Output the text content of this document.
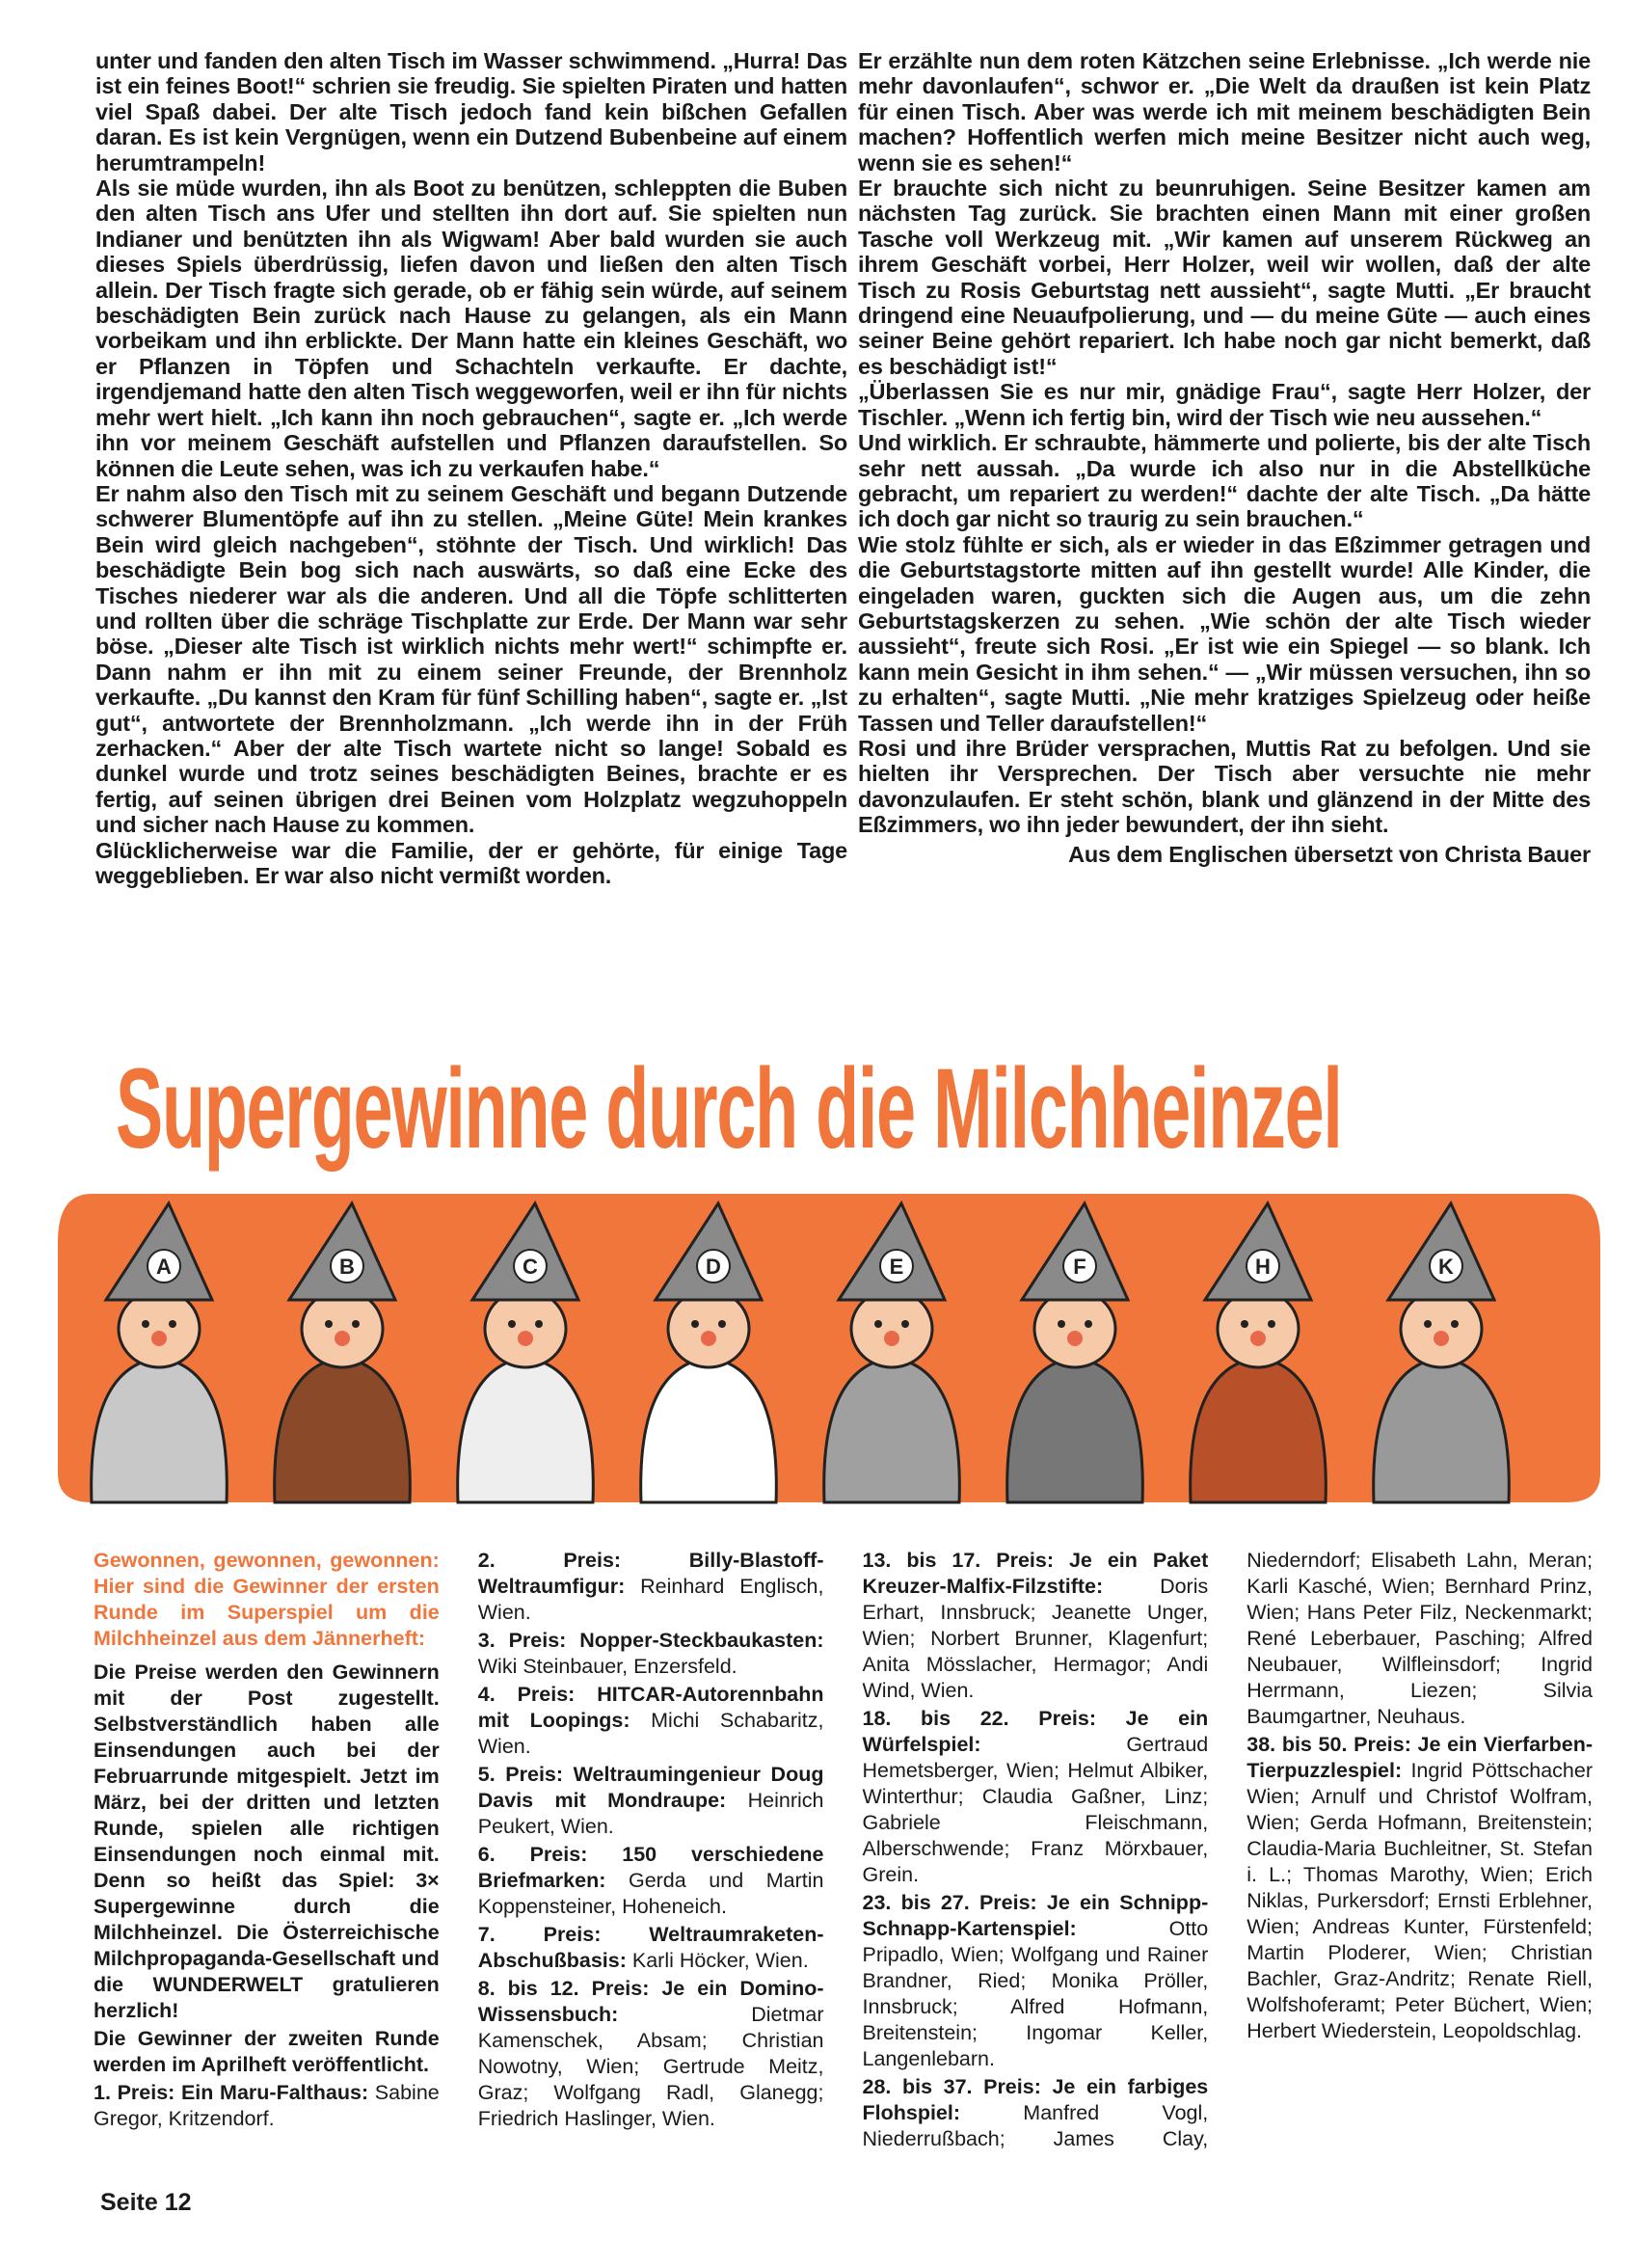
unter und fanden den alten Tisch im Wasser schwimmend. „Hurra! Das ist ein feines Boot!“ schrien sie freudig. Sie spielten Piraten und hatten viel Spaß dabei. Der alte Tisch jedoch fand kein bißchen Gefallen daran. Es ist kein Vergnügen, wenn ein Dutzend Bubenbeine auf einem herumtrampeln!

Als sie müde wurden, ihn als Boot zu benützen, schleppten die Buben den alten Tisch ans Ufer und stellten ihn dort auf. Sie spielten nun Indianer und benützten ihn als Wigwam! Aber bald wurden sie auch dieses Spiels überdrüssig, liefen davon und ließen den alten Tisch allein. Der Tisch fragte sich gerade, ob er fähig sein würde, auf seinem beschädigten Bein zurück nach Hause zu gelangen, als ein Mann vorbeikam und ihn erblickte. Der Mann hatte ein kleines Geschäft, wo er Pflanzen in Töpfen und Schachteln verkaufte. Er dachte, irgendjemand hatte den alten Tisch weggeworfen, weil er ihn für nichts mehr wert hielt. „Ich kann ihn noch gebrauchen“, sagte er. „Ich werde ihn vor meinem Geschäft aufstellen und Pflanzen daraufstellen. So können die Leute sehen, was ich zu verkaufen habe.“

Er nahm also den Tisch mit zu seinem Geschäft und begann Dutzende schwerer Blumentöpfe auf ihn zu stellen. „Meine Güte! Mein krankes Bein wird gleich nachgeben“, stöhnte der Tisch. Und wirklich! Das beschädigte Bein bog sich nach auswärts, so daß eine Ecke des Tisches niederer war als die anderen. Und all die Töpfe schlitterten und rollten über die schräge Tischplatte zur Erde. Der Mann war sehr böse. „Dieser alte Tisch ist wirklich nichts mehr wert!“ schimpfte er. Dann nahm er ihn mit zu einem seiner Freunde, der Brennholz verkaufte. „Du kannst den Kram für fünf Schilling haben“, sagte er. „Ist gut“, antwortete der Brennholzmann. „Ich werde ihn in der Früh zerhacken.“ Aber der alte Tisch wartete nicht so lange! Sobald es dunkel wurde und trotz seines beschädigten Beines, brachte er es fertig, auf seinen übrigen drei Beinen vom Holzplatz wegzuhoppeln und sicher nach Hause zu kommen.

Glücklicherweise war die Familie, der er gehörte, für einige Tage weggeblieben. Er war also nicht vermißt worden.

Er erzählte nun dem roten Kätzchen seine Erlebnisse. „Ich werde nie mehr davonlaufen“, schwor er. „Die Welt da draußen ist kein Platz für einen Tisch. Aber was werde ich mit meinem beschädigten Bein machen? Hoffentlich werfen mich meine Besitzer nicht auch weg, wenn sie es sehen!“

Er brauchte sich nicht zu beunruhigen. Seine Besitzer kamen am nächsten Tag zurück. Sie brachten einen Mann mit einer großen Tasche voll Werkzeug mit. „Wir kamen auf unserem Rückweg an ihrem Geschäft vorbei, Herr Holzer, weil wir wollen, daß der alte Tisch zu Rosis Geburtstag nett aussieht“, sagte Mutti. „Er braucht dringend eine Neuaufpolierung, und — du meine Güte — auch eines seiner Beine gehört repariert. Ich habe noch gar nicht bemerkt, daß es beschädigt ist!“

„Überlassen Sie es nur mir, gnädige Frau“, sagte Herr Holzer, der Tischler. „Wenn ich fertig bin, wird der Tisch wie neu aussehen.“

Und wirklich. Er schraubte, hämmerte und polierte, bis der alte Tisch sehr nett aussah. „Da wurde ich also nur in die Abstellküche gebracht, um repariert zu werden!“ dachte der alte Tisch. „Da hätte ich doch gar nicht so traurig zu sein brauchen.“

Wie stolz fühlte er sich, als er wieder in das Eßzimmer getragen und die Geburtstagstorte mitten auf ihn gestellt wurde! Alle Kinder, die eingeladen waren, guckten sich die Augen aus, um die zehn Geburtstagskerzen zu sehen. „Wie schön der alte Tisch wieder aussieht“, freute sich Rosi. „Er ist wie ein Spiegel — so blank. Ich kann mein Gesicht in ihm sehen.“ — „Wir müssen versuchen, ihn so zu erhalten“, sagte Mutti. „Nie mehr kratziges Spielzeug oder heiße Tassen und Teller daraufstellen!“

Rosi und ihre Brüder versprachen, Muttis Rat zu befolgen. Und sie hielten ihr Versprechen. Der Tisch aber versuchte nie mehr davonzulaufen. Er steht schön, blank und glänzend in der Mitte des Eßzimmers, wo ihn jeder bewundert, der ihn sieht.

Aus dem Englischen übersetzt von Christa Bauer

Supergewinne durch die Milchheinzel
A	B	C	D	E	F	H	K

Gewonnen, gewonnen, gewonnen: Hier sind die Gewinner der ersten Runde im Superspiel um die Milchheinzel aus dem Jännerheft:

Die Preise werden den Gewinnern mit der Post zugestellt. Selbstverständlich haben alle Einsendungen auch bei der Februarrunde mitgespielt. Jetzt im März, bei der dritten und letzten Runde, spielen alle richtigen Einsendungen noch einmal mit. Denn so heißt das Spiel: 3× Supergewinne durch die Milchheinzel. Die Österreichische Milchpropaganda-Gesellschaft und die WUNDERWELT gratulieren herzlich!

Die Gewinner der zweiten Runde werden im Aprilheft veröffentlicht.

1. Preis: Ein Maru-Falthaus: Sabine Gregor, Kritzendorf.

2. Preis: Billy-Blastoff-Weltraumfigur: Reinhard Englisch, Wien.

3. Preis: Nopper-Steckbaukasten: Wiki Steinbauer, Enzersfeld.

4. Preis: HITCAR-Autorennbahn mit Loopings: Michi Schabaritz, Wien.

5. Preis: Weltraumingenieur Doug Davis mit Mondraupe: Heinrich Peukert, Wien.

6. Preis: 150 verschiedene Briefmarken: Gerda und Martin Koppensteiner, Hoheneich.

7. Preis: Weltraumraketen-Abschußbasis: Karli Höcker, Wien.

8. bis 12. Preis: Je ein Domino-Wissensbuch:	Dietmar Kamenschek, Absam; Christian Nowotny, Wien; Gertrude Meitz, Graz; Wolfgang Radl, Glanegg; Friedrich Haslinger, Wien.

13. bis 17. Preis: Je ein Paket Kreuzer-Malfix-Filzstifte:	Doris Erhart, Innsbruck; Jeanette Unger, Wien; Norbert Brunner, Klagenfurt; Anita Mösslacher, Hermagor; Andi Wind, Wien.

18. bis 22. Preis: Je ein Würfelspiel:	Gertraud Hemetsberger, Wien; Helmut Albiker, Winterthur; Claudia Gaßner, Linz; Gabriele Fleischmann, Alberschwende; Franz Mörxbauer, Grein.

23. bis 27. Preis: Je ein Schnipp-Schnapp-Kartenspiel:	Otto Pripadlo, Wien; Wolfgang und Rainer Brandner, Ried; Monika Pröller, Innsbruck; Alfred Hofmann, Breitenstein; Ingomar Keller, Langenlebarn.

28. bis 37. Preis: Je ein farbiges Flohspiel:	Manfred Vogl, Niederrußbach; James Clay, Niederndorf; Elisabeth Lahn, Meran; Karli Kasché, Wien; Bernhard Prinz, Wien; Hans Peter Filz, Neckenmarkt; René Leberbauer, Pasching; Alfred Neubauer, Wilfleinsdorf; Ingrid Herrmann, Liezen; Silvia Baumgartner, Neuhaus.

38. bis 50. Preis: Je ein Vierfarben-Tierpuzzlespiel: Ingrid Pöttschacher Wien; Arnulf und Christof Wolfram, Wien; Gerda Hofmann, Breitenstein; Claudia-Maria Buchleitner, St. Stefan i. L.; Thomas Marothy, Wien; Erich Niklas, Purkersdorf; Ernsti Erblehner, Wien; Andreas Kunter, Fürstenfeld; Martin Ploderer, Wien; Christian Bachler, Graz-Andritz; Renate Riell, Wolfshoferamt; Peter Büchert, Wien; Herbert Wiederstein, Leopoldschlag.

Seite 12
